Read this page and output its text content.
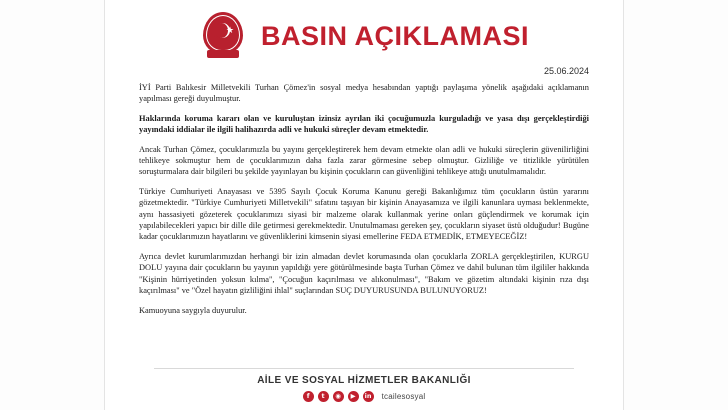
★ BASIN AÇIKLAMASI
25.06.2024

İYİ Parti Balıkesir Milletvekili Turhan Çömez'in sosyal medya hesabından yaptığı paylaşıma yönelik aşağıdaki açıklamanın yapılması gereği duyulmuştur.

Haklarında koruma kararı olan ve kuruluştan izinsiz ayrılan iki çocuğumuzla kurguladığı ve yasa dışı gerçekleştirdiği yayındaki iddialar ile ilgili halihazırda adli ve hukuki süreçler devam etmektedir.

Ancak Turhan Çömez, çocuklarımızla bu yayını gerçekleştirerek hem devam etmekte olan adli ve hukuki süreçlerin güvenilirliğini tehlikeye sokmuştur hem de çocuklarımızın daha fazla zarar görmesine sebep olmuştur. Gizliliğe ve titizlikle yürütülen soruşturmalara dair bilgileri bu şekilde yayınlayan bu kişinin çocukların can güvenliğini tehlikeye attığı unutulmamalıdır.

Türkiye Cumhuriyeti Anayasası ve 5395 Sayılı Çocuk Koruma Kanunu gereği Bakanlığımız tüm çocukların üstün yararını gözetmektedir. "Türkiye Cumhuriyeti Milletvekili" sıfatını taşıyan bir kişinin Anayasamıza ve ilgili kanunlara uyması beklenmekte, aynı hassasiyeti gözeterek çocuklarımızı siyasi bir malzeme olarak kullanmak yerine onları güçlendirmek ve korumak için yapılabilecekleri yapıcı bir dille dile getirmesi gerekmektedir. Unutulmaması gereken şey, çocukların siyaset üstü olduğudur! Bugüne kadar çocuklarımızın hayatlarını ve güvenliklerini kimsenin siyasi emellerine FEDA ETMEDİK, ETMEYECEĞİZ!

Ayrıca devlet kurumlarımızdan herhangi bir izin almadan devlet korumasında olan çocuklarla ZORLA gerçekleştirilen, KURGU DOLU yayına dair çocukların bu yayının yapıldığı yere götürülmesinde başta Turhan Çömez ve dahil bulunan tüm ilgililer hakkında "Kişinin hürriyetinden yoksun kılma", "Çocuğun kaçırılması ve alıkonulması", "Bakım ve gözetim altındaki kişinin rıza dışı kaçırılması" ve "Özel hayatın gizliliğini ihlal" suçlarından SUÇ DUYURUSUNDA BULUNUYORUZ!

Kamuoyuna saygıyla duyurulur.

AİLE VE SOSYAL HİZMETLER BAKANLIĞI
f	t	◉	▶	in tcailesosyal
